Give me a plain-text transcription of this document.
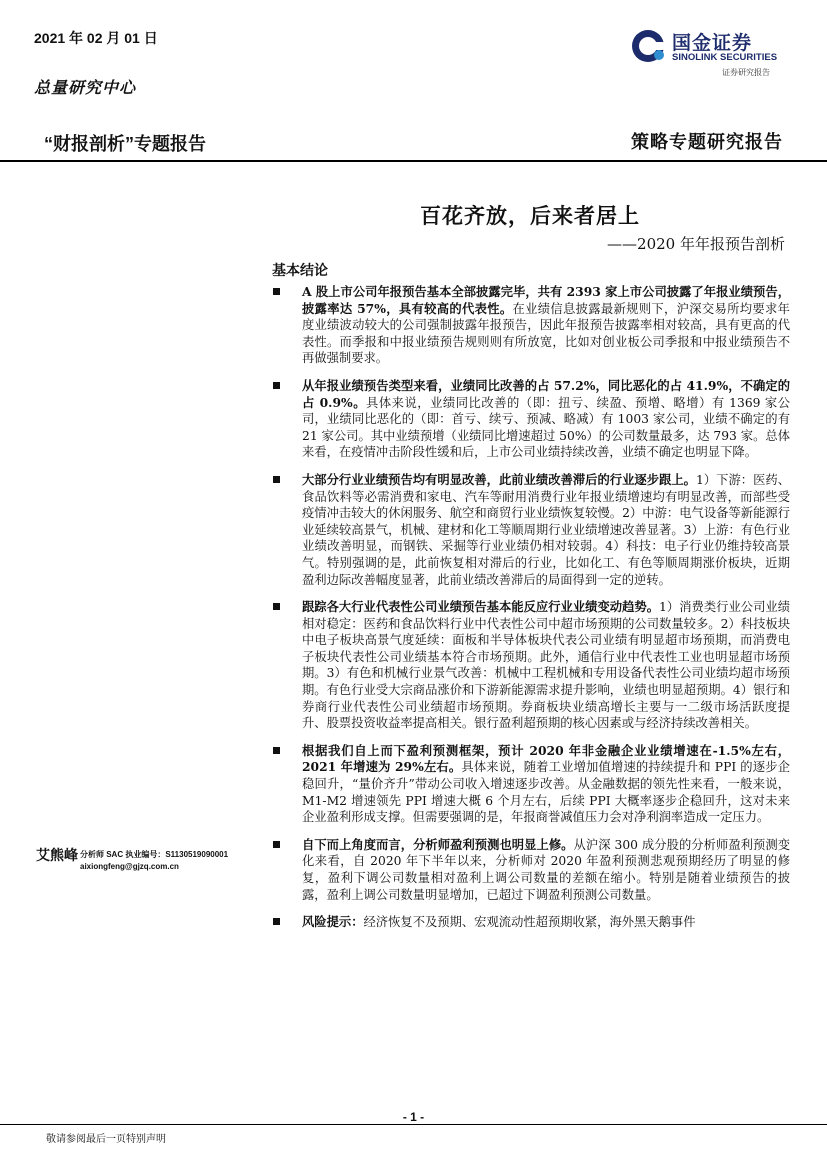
2021 年 02 月 01 日
总量研究中心
国金证券
SINOLINK SECURITIES
证券研究报告
“财报剖析”专题报告	策略专题研究报告
百花齐放，后来者居上
——2020 年年报预告剖析
基本结论
A 股上市公司年报预告基本全部披露完毕，共有 2393 家上市公司披露了年报业绩预告，披露率达 57%，具有较高的代表性。在业绩信息披露最新规则下，沪深交易所均要求年度业绩波动较大的公司强制披露年报预告，因此年报预告披露率相对较高，具有更高的代表性。而季报和中报业绩预告规则则有所放宽，比如对创业板公司季报和中报业绩预告不再做强制要求。
从年报业绩预告类型来看，业绩同比改善的占 57.2%，同比恶化的占 41.9%，不确定的占 0.9%。具体来说，业绩同比改善的（即：扭亏、续盈、预增、略增）有 1369 家公司，业绩同比恶化的（即：首亏、续亏、预减、略减）有 1003 家公司，业绩不确定的有 21 家公司。其中业绩预增（业绩同比增速超过 50%）的公司数量最多，达 793 家。总体来看，在疫情冲击阶段性缓和后，上市公司业绩持续改善，业绩不确定也明显下降。
大部分行业业绩预告均有明显改善，此前业绩改善滞后的行业逐步跟上。1）下游：医药、食品饮料等必需消费和家电、汽车等耐用消费行业年报业绩增速均有明显改善，而部些受疫情冲击较大的休闲服务、航空和商贸行业业绩恢复较慢。2）中游：电气设备等新能源行业延续较高景气，机械、建材和化工等顺周期行业业绩增速改善显著。3）上游：有色行业业绩改善明显，而钢铁、采掘等行业业绩仍相对较弱。4）科技：电子行业仍维持较高景气。特别强调的是，此前恢复相对滞后的行业，比如化工、有色等顺周期涨价板块，近期盈利边际改善幅度显著，此前业绩改善滞后的局面得到一定的逆转。
跟踪各大行业代表性公司业绩预告基本能反应行业业绩变动趋势。1）消费类行业公司业绩相对稳定：医药和食品饮料行业中代表性公司中超市场预期的公司数量较多。2）科技板块中电子板块高景气度延续：面板和半导体板块代表公司业绩有明显超市场预期，而消费电子板块代表性公司业绩基本符合市场预期。此外，通信行业中代表性工业也明显超市场预期。3）有色和机械行业景气改善：机械中工程机械和专用设备代表性公司业绩均超市场预期。有色行业受大宗商品涨价和下游新能源需求提升影响，业绩也明显超预期。4）银行和券商行业代表性公司业绩超市场预期。券商板块业绩高增长主要与一二级市场活跃度提升、股票投资收益率提高相关。银行盈利超预期的核心因素或与经济持续改善相关。
根据我们自上而下盈利预测框架，预计 2020 年非金融企业业绩增速在-1.5%左右，2021 年增速为 29%左右。具体来说，随着工业增加值增速的持续提升和 PPI 的逐步企稳回升，“量价齐升”带动公司收入增速逐步改善。从金融数据的领先性来看，一般来说，M1-M2 增速领先 PPI 增速大概 6 个月左右，后续 PPI 大概率逐步企稳回升，这对未来企业盈利形成支撑。但需要强调的是，年报商誉减值压力会对净利润率造成一定压力。
自下而上角度而言，分析师盈利预测也明显上修。从沪深 300 成分股的分析师盈利预测变化来看，自 2020 年下半年以来，分析师对 2020 年盈利预测悲观预期经历了明显的修复，盈利下调公司数量相对盈利上调公司数量的差额在缩小。特别是随着业绩预告的披露，盈利上调公司数量明显增加，已超过下调盈利预测公司数量。
风险提示：经济恢复不及预期、宏观流动性超预期收紧，海外黑天鹅事件
艾熊峰 分析师 SAC 执业编号：S1130519090001
aixiongfeng@gjzq.com.cn
- 1 -
敬请参阅最后一页特别声明
